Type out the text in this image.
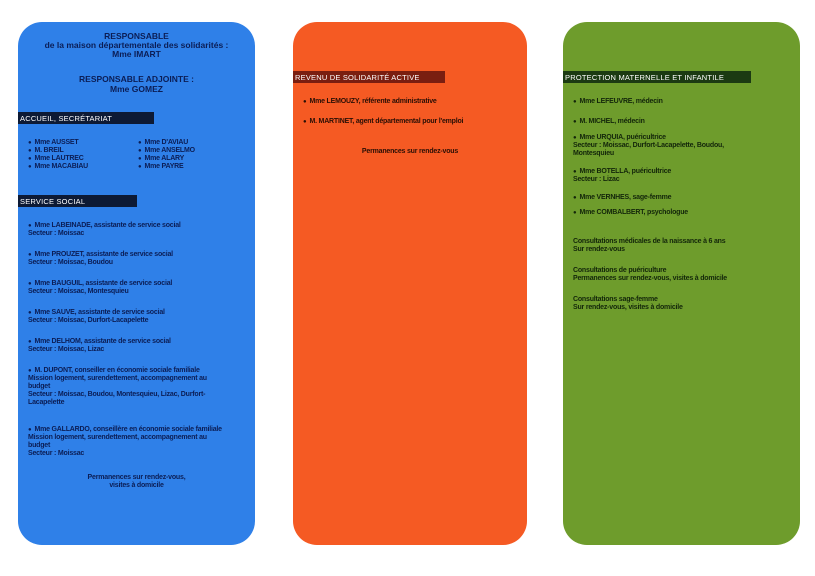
RESPONSABLE
de la maison départementale des solidarités :
Mme IMART
RESPONSABLE ADJOINTE :
Mme GOMEZ
ACCUEIL, SECRÉTARIAT
● Mme AUSSET
● M. BREIL
● Mme LAUTREC
● Mme MACABIAU
● Mme D'AVIAU
● Mme ANSELMO
● Mme ALARY
● Mme PAYRE
SERVICE SOCIAL
● Mme LABEINADE, assistante de service social
Secteur : Moissac
● Mme PROUZET, assistante de service social
Secteur : Moissac, Boudou
● Mme BAUGUIL, assistante de service social
Secteur : Moissac, Montesquieu
● Mme SAUVE, assistante de service social
Secteur : Moissac, Durfort-Lacapelette
● Mme DELHOM, assistante de service social
Secteur : Moissac, Lizac
● M. DUPONT, conseiller en économie sociale familiale
Mission logement, surendettement, accompagnement au
budget
Secteur : Moissac, Boudou, Montesquieu, Lizac, Durfort-
Lacapelette
● Mme GALLARDO, conseillère en économie sociale familiale
Mission logement, surendettement, accompagnement au
budget
Secteur : Moissac
Permanences sur rendez-vous,
visites à domicile
REVENU DE SOLIDARITÉ ACTIVE
● Mme LEMOUZY, référente administrative
● M. MARTINET, agent départemental pour l'emploi
Permanences sur rendez-vous
PROTECTION MATERNELLE ET INFANTILE
● Mme LEFEUVRE, médecin
● M. MICHEL, médecin
● Mme URQUIA, puéricultrice
Secteur : Moissac, Durfort-Lacapelette, Boudou,
Montesquieu
● Mme BOTELLA, puéricultrice
Secteur : Lizac
● Mme VERNHES, sage-femme
● Mme COMBALBERT, psychologue
Consultations médicales de la naissance à 6 ans
Sur rendez-vous
Consultations de puériculture
Permanences sur rendez-vous, visites à domicile
Consultations sage-femme
Sur rendez-vous, visites à domicile
